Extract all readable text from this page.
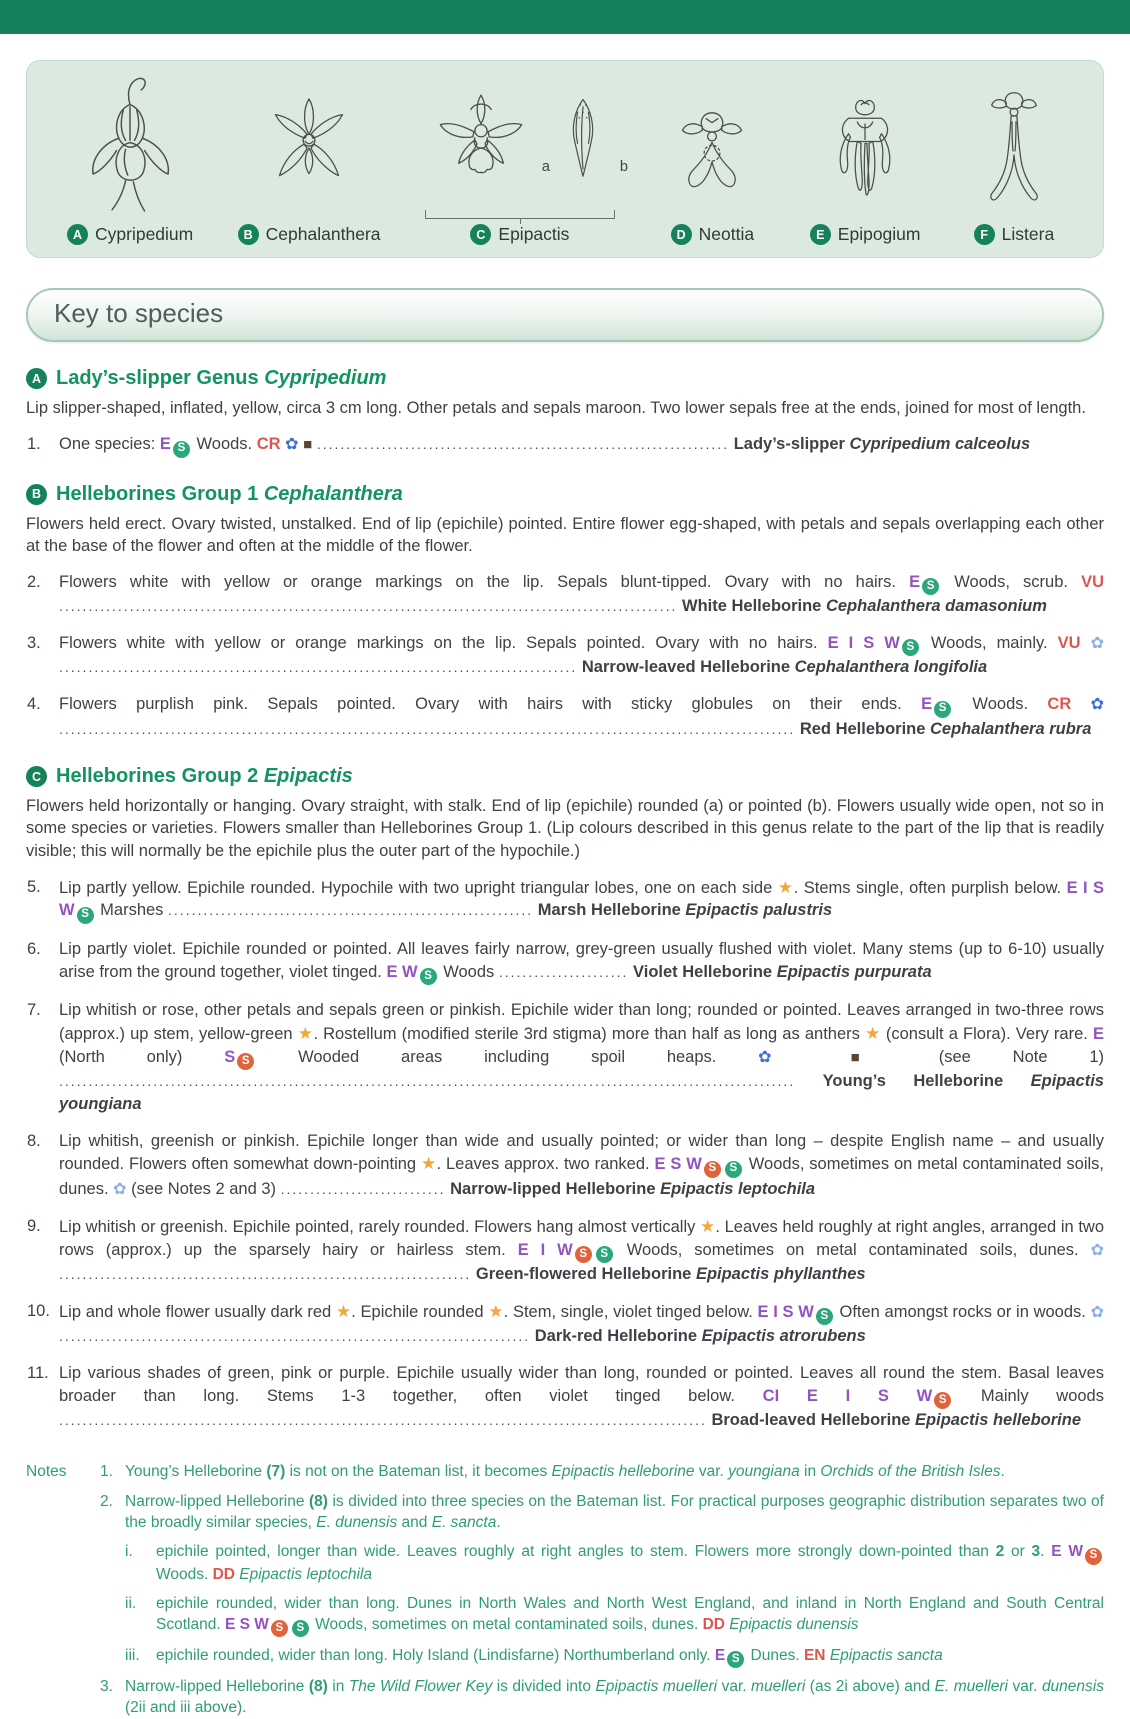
A Cypripedium	B Cephalanthera
a	b
C Epipactis	D Neottia	E Epipogium	F Listera
Key to species
A Lady’s-slipper Genus Cypripedium

Lip slipper-shaped, inflated, yellow, circa 3 cm long. Other petals and sepals maroon. Two lower sepals free at the ends, joined for most of length.

1. One species: E S Woods. CR ✿ ■ ...................................................................... Lady’s-slipper Cypripedium calceolus

B Helleborines Group 1 Cephalanthera

Flowers held erect. Ovary twisted, unstalked. End of lip (epichile) pointed. Entire flower egg-shaped, with petals and sepals overlapping each other at the base of the flower and often at the middle of the flower.

2. Flowers white with yellow or orange markings on the lip. Sepals blunt-tipped. Ovary with no hairs. E S Woods, scrub. VU ......................................................................................................... White Helleborine Cephalanthera damasonium

3. Flowers white with yellow or orange markings on the lip. Sepals pointed. Ovary with no hairs. E I S W S Woods, mainly. VU ✿ ........................................................................................ Narrow-leaved Helleborine Cephalanthera longifolia

4. Flowers purplish pink. Sepals pointed. Ovary with hairs with sticky globules on their ends. E S Woods. CR ✿ ............................................................................................................................. Red Helleborine Cephalanthera rubra

C Helleborines Group 2 Epipactis

Flowers held horizontally or hanging. Ovary straight, with stalk. End of lip (epichile) rounded (a) or pointed (b). Flowers usually wide open, not so in some species or varieties. Flowers smaller than Helleborines Group 1. (Lip colours described in this genus relate to the part of the lip that is readily visible; this will normally be the epichile plus the outer part of the hypochile.)

5. Lip partly yellow. Epichile rounded. Hypochile with two upright triangular lobes, one on each side ★. Stems single, often purplish below. E I S W S Marshes .............................................................. Marsh Helleborine Epipactis palustris

6. Lip partly violet. Epichile rounded or pointed. All leaves fairly narrow, grey-green usually flushed with violet. Many stems (up to 6-10) usually arise from the ground together, violet tinged. E W S Woods ...................... Violet Helleborine Epipactis purpurata

7. Lip whitish or rose, other petals and sepals green or pinkish. Epichile wider than long; rounded or pointed. Leaves arranged in two-three rows (approx.) up stem, yellow-green ★. Rostellum (modified sterile 3rd stigma) more than half as long as anthers ★ (consult a Flora). Very rare. E (North only) S S Wooded areas including spoil heaps. ✿	■ (see Note 1) ............................................................................................................................. Young’s Helleborine Epipactis youngiana

8. Lip whitish, greenish or pinkish. Epichile longer than wide and usually pointed; or wider than long – despite English name – and usually rounded. Flowers often somewhat down-pointing ★. Leaves approx. two ranked. E S W S S Woods, sometimes on metal contaminated soils, dunes. ✿ (see Notes 2 and 3) ............................ Narrow-lipped Helleborine Epipactis leptochila

9. Lip whitish or greenish. Epichile pointed, rarely rounded. Flowers hang almost vertically ★. Leaves held roughly at right angles, arranged in two rows (approx.) up the sparsely hairy or hairless stem. E I W S S Woods, sometimes on metal contaminated soils, dunes. ✿ ...................................................................... Green-flowered Helleborine Epipactis phyllanthes

10. Lip and whole flower usually dark red ★. Epichile rounded ★. Stem, single, violet tinged below. E I S W S Often amongst rocks or in woods. ✿ ................................................................................ Dark-red Helleborine Epipactis atrorubens

11. Lip various shades of green, pink or purple. Epichile usually wider than long, rounded or pointed. Leaves all round the stem. Basal leaves broader than long. Stems 1-3 together, often violet tinged below. CI E I S W S Mainly woods .............................................................................................................. Broad-leaved Helleborine Epipactis helleborine

Notes 1. Young’s Helleborine (7) is not on the Bateman list, it becomes Epipactis helleborine var. youngiana in Orchids of the British Isles.
2. Narrow-lipped Helleborine (8) is divided into three species on the Bateman list. For practical purposes geographic distribution separates two of the broadly similar species, E. dunensis and E. sancta.
i. epichile pointed, longer than wide. Leaves roughly at right angles to stem. Flowers more strongly down-pointed than 2 or 3. E W S Woods. DD Epipactis leptochila
ii. epichile rounded, wider than long. Dunes in North Wales and North West England, and inland in North England and South Central Scotland. E S W S S Woods, sometimes on metal contaminated soils, dunes. DD Epipactis dunensis
iii. epichile rounded, wider than long. Holy Island (Lindisfarne) Northumberland only. E S Dunes. EN Epipactis sancta
3. Narrow-lipped Helleborine (8) in The Wild Flower Key is divided into Epipactis muelleri var. muelleri (as 2i above) and E. muelleri var. dunensis (2ii and iii above).
